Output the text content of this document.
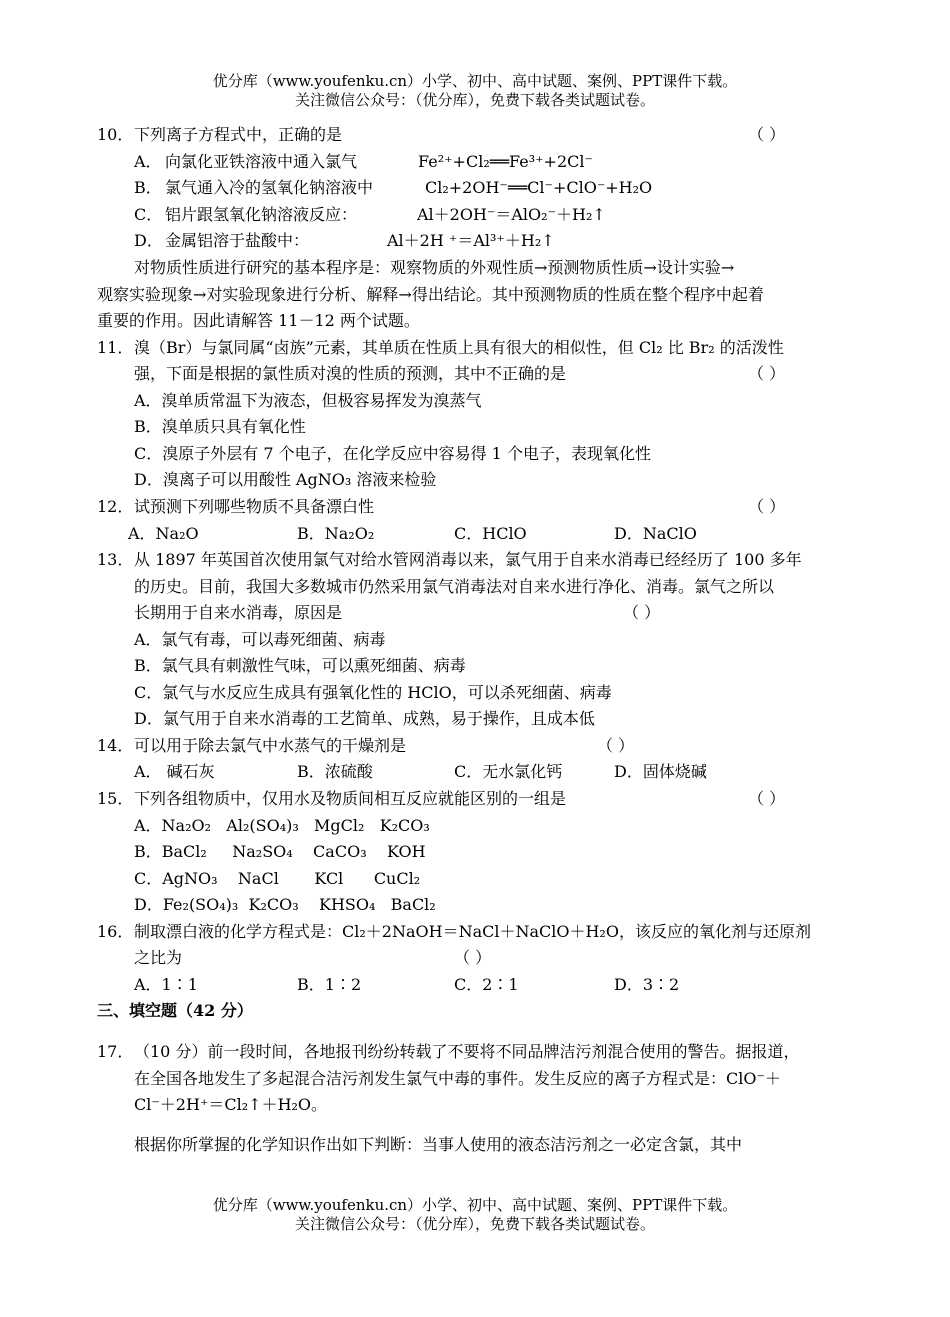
优分库（www.youfenku.cn）小学、初中、高中试题、案例、PPT课件下载。
关注微信公众号：（优分库），免费下载各类试题试卷。
10． 下列离子方程式中，正确的是	（ ）
A． 向氯化亚铁溶液中通入氯气	Fe²⁺+Cl₂══Fe³⁺+2Cl⁻
B． 氯气通入冷的氢氧化钠溶液中	Cl₂+2OH⁻══Cl⁻+ClO⁻+H₂O
C． 铝片跟氢氧化钠溶液反应：	Al＋2OH⁻＝AlO₂⁻＋H₂↑
D． 金属铝溶于盐酸中：	Al＋2H ⁺＝Al³⁺＋H₂↑
对物质性质进行研究的基本程序是：观察物质的外观性质→预测物质性质→设计实验→
观察实验现象→对实验现象进行分析、解释→得出结论。其中预测物质的性质在整个程序中起着
重要的作用。因此请解答 11－12 两个试题。
11． 溴（Br）与氯同属“卤族”元素，其单质在性质上具有很大的相似性，但 Cl₂ 比 Br₂ 的活泼性
强，下面是根据的氯性质对溴的性质的预测，其中不正确的是	（ ）
A．溴单质常温下为液态，但极容易挥发为溴蒸气
B．溴单质只具有氧化性
C．溴原子外层有 7 个电子，在化学反应中容易得 1 个电子，表现氧化性
D．溴离子可以用酸性 AgNO₃ 溶液来检验
12． 试预测下列哪些物质不具备漂白性	（ ）
A．Na₂O	B．Na₂O₂	C．HClO	D．NaClO
13． 从 1897 年英国首次使用氯气对给水管网消毒以来，氯气用于自来水消毒已经经历了 100 多年
的历史。目前，我国大多数城市仍然采用氯气消毒法对自来水进行净化、消毒。氯气之所以
长期用于自来水消毒，原因是	（ ）
A．氯气有毒，可以毒死细菌、病毒
B．氯气具有刺激性气味，可以熏死细菌、病毒
C．氯气与水反应生成具有强氧化性的 HClO，可以杀死细菌、病毒
D．氯气用于自来水消毒的工艺简单、成熟，易于操作，且成本低
14． 可以用于除去氯气中水蒸气的干燥剂是	（ ）
A． 碱石灰	B．浓硫酸	C．无水氯化钙	D．固体烧碱
15． 下列各组物质中，仅用水及物质间相互反应就能区别的一组是	（ ）
A．Na₂O₂   Al₂(SO₄)₃   MgCl₂   K₂CO₃
B．BaCl₂     Na₂SO₄    CaCO₃    KOH
C．AgNO₃    NaCl       KCl      CuCl₂
D．Fe₂(SO₄)₃  K₂CO₃    KHSO₄   BaCl₂
16． 制取漂白液的化学方程式是：Cl₂＋2NaOH＝NaCl＋NaClO＋H₂O，该反应的氧化剂与还原剂
之比为	（ ）
A．1∶1	B．1∶2	C．2∶1	D．3∶2
三、填空题（42 分）
17． （10 分）前一段时间，各地报刊纷纷转载了不要将不同品牌洁污剂混合使用的警告。据报道，
在全国各地发生了多起混合洁污剂发生氯气中毒的事件。发生反应的离子方程式是：ClO⁻＋
Cl⁻＋2H⁺＝Cl₂↑＋H₂O。
根据你所掌握的化学知识作出如下判断：当事人使用的液态洁污剂之一必定含氯，其中
优分库（www.youfenku.cn）小学、初中、高中试题、案例、PPT课件下载。
关注微信公众号：（优分库），免费下载各类试题试卷。
